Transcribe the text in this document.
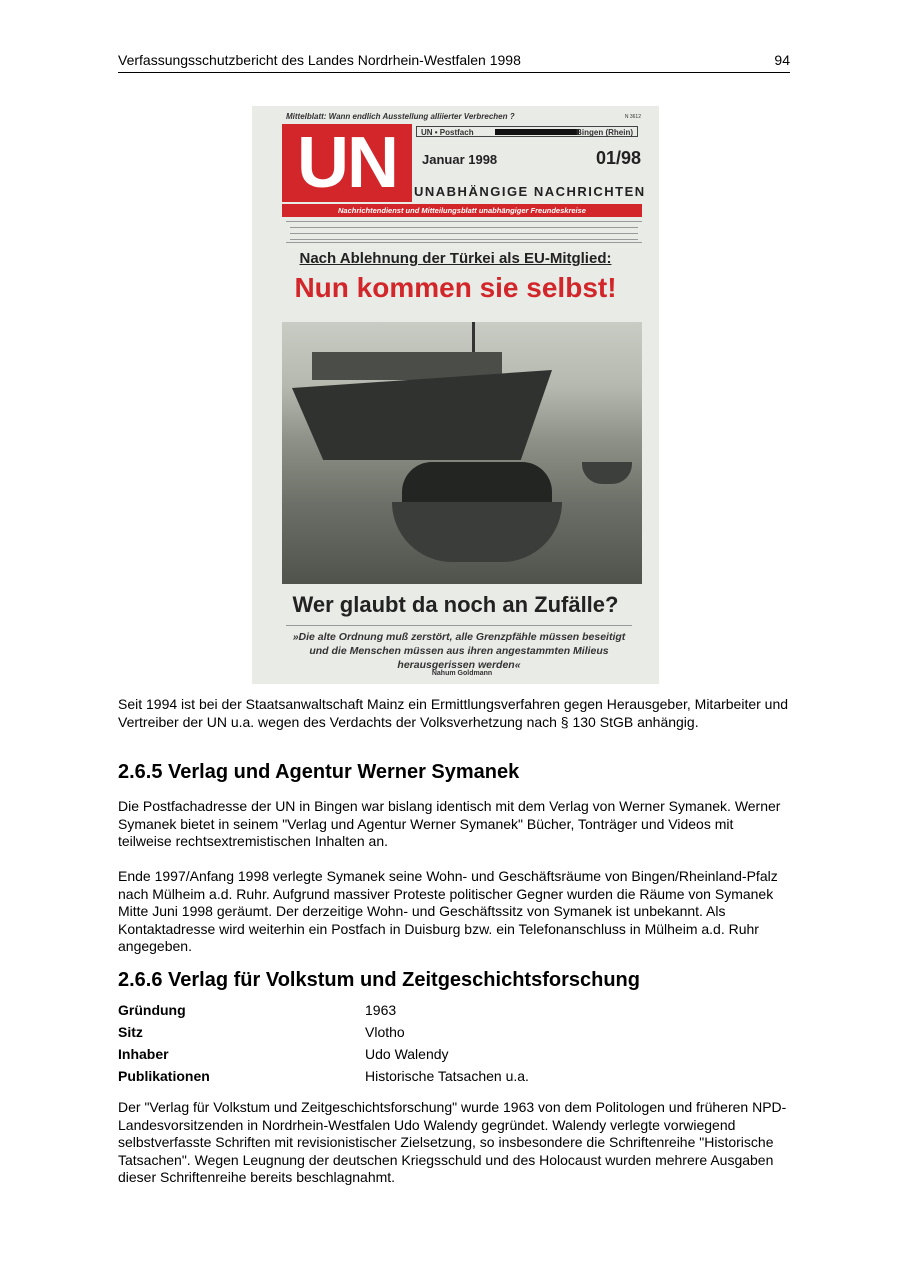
Verfassungsschutzbericht des Landes Nordrhein-Westfalen 1998	94
Mittelblatt: Wann endlich Ausstellung alliierter Verbrechen ?	N 3612
UN • Postfach	Bingen (Rhein)
UN	Januar 1998	01/98
UNABHÄNGIGE NACHRICHTEN
Nachrichtendienst und Mitteilungsblatt unabhängiger Freundeskreise
Nach Ablehnung der Türkei als EU-Mitglied:
Nun kommen sie selbst!
Wer glaubt da noch an Zufälle?
»Die alte Ordnung muß zerstört, alle Grenzpfähle müssen beseitigt und die Menschen müssen aus ihren angestammten Milieus herausgerissen werden«
Nahum Goldmann

Seit 1994 ist bei der Staatsanwaltschaft Mainz ein Ermittlungsverfahren gegen Herausgeber, Mitarbeiter und Vertreiber der UN u.a. wegen des Verdachts der Volksverhetzung nach § 130 StGB anhängig.

2.6.5 Verlag und Agentur Werner Symanek

Die Postfachadresse der UN in Bingen war bislang identisch mit dem Verlag von Werner Symanek. Werner Symanek bietet in seinem "Verlag und Agentur Werner Symanek" Bücher, Tonträger und Videos mit teilweise rechtsextremistischen Inhalten an.

Ende 1997/Anfang 1998 verlegte Symanek seine Wohn- und Geschäftsräume von Bingen/Rheinland-Pfalz nach Mülheim a.d. Ruhr. Aufgrund massiver Proteste politischer Gegner wurden die Räume von Symanek Mitte Juni 1998 geräumt. Der derzeitige Wohn- und Geschäftssitz von Symanek ist unbekannt. Als Kontaktadresse wird weiterhin ein Postfach in Duisburg bzw. ein Telefonanschluss in Mülheim a.d. Ruhr angegeben.

2.6.6 Verlag für Volkstum und Zeitgeschichtsforschung
Gründung	1963
Sitz	Vlotho
Inhaber	Udo Walendy
Publikationen	Historische Tatsachen u.a.

Der "Verlag für Volkstum und Zeitgeschichtsforschung" wurde 1963 von dem Politologen und früheren NPD-Landesvorsitzenden in Nordrhein-Westfalen Udo Walendy gegründet. Walendy verlegte vorwiegend selbstverfasste Schriften mit revisionistischer Zielsetzung, so insbesondere die Schriftenreihe "Historische Tatsachen". Wegen Leugnung der deutschen Kriegsschuld und des Holocaust wurden mehrere Ausgaben dieser Schriftenreihe bereits beschlagnahmt.
